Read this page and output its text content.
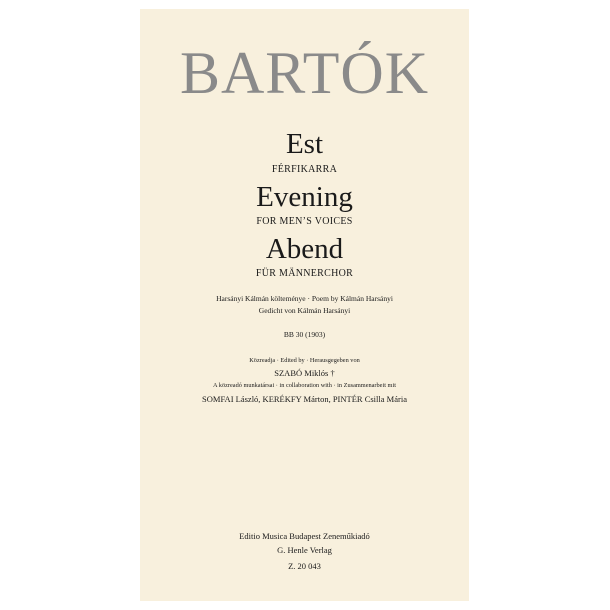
BARTÓK
Est
FÉRFIKARRA
Evening
FOR MEN’S VOICES
Abend
FÜR MÄNNERCHOR
Harsányi Kálmán költeménye · Poem by Kálmán Harsányi
Gedicht von Kálmán Harsányi
BB 30 (1903)
Közreadja · Edited by · Herausgegeben von
SZABÓ Miklós †
A közreadó munkatársai · in collaboration with · in Zusammenarbeit mit
SOMFAI László, KERÉKFY Márton, PINTÉR Csilla Mária
Editio Musica Budapest Zeneműkiadó
G. Henle Verlag
Z. 20 043
